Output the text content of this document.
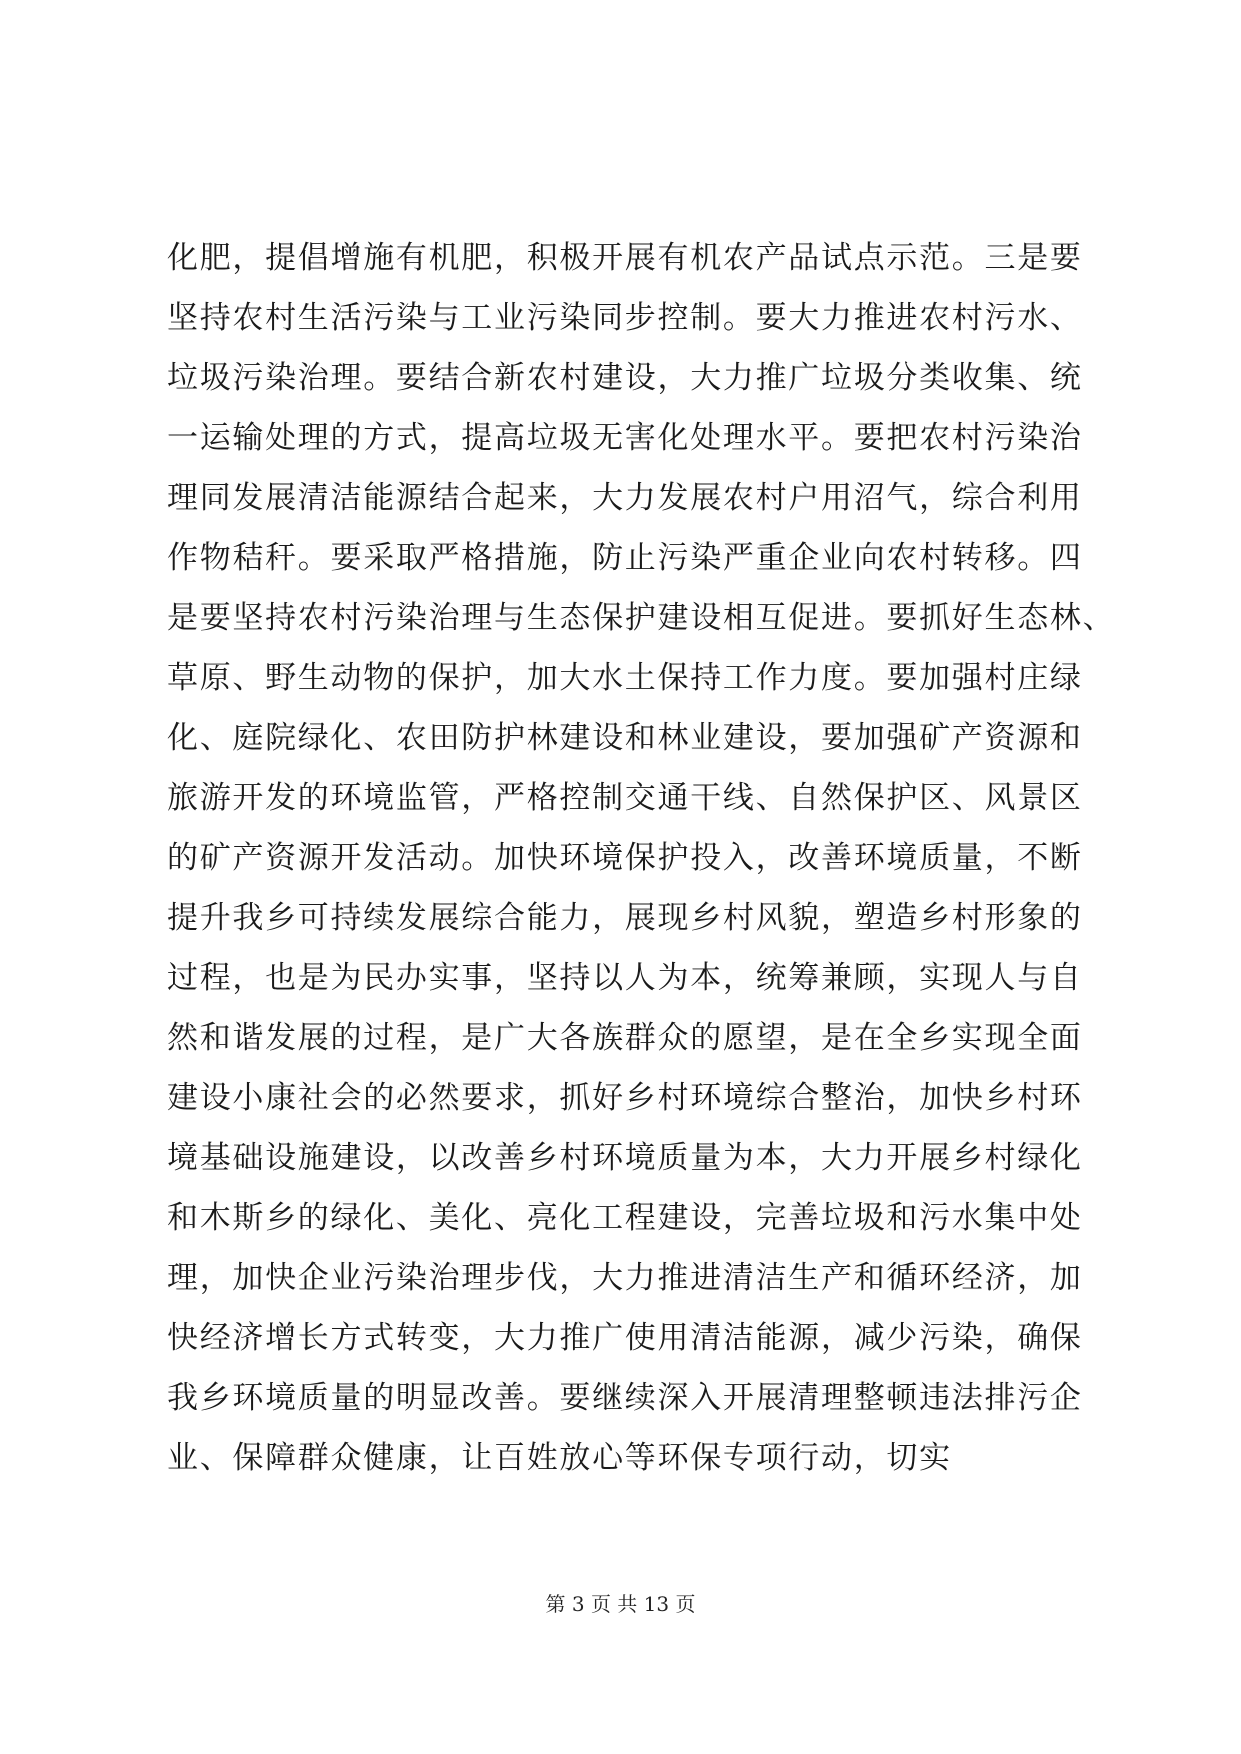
化肥，提倡增施有机肥，积极开展有机农产品试点示范。三是要
坚持农村生活污染与工业污染同步控制。要大力推进农村污水、
垃圾污染治理。要结合新农村建设，大力推广垃圾分类收集、统
一运输处理的方式，提高垃圾无害化处理水平。要把农村污染治
理同发展清洁能源结合起来，大力发展农村户用沼气，综合利用
作物秸秆。要采取严格措施，防止污染严重企业向农村转移。四
是要坚持农村污染治理与生态保护建设相互促进。要抓好生态林、
草原、野生动物的保护，加大水土保持工作力度。要加强村庄绿
化、庭院绿化、农田防护林建设和林业建设，要加强矿产资源和
旅游开发的环境监管，严格控制交通干线、自然保护区、风景区
的矿产资源开发活动。加快环境保护投入，改善环境质量，不断
提升我乡可持续发展综合能力，展现乡村风貌，塑造乡村形象的
过程，也是为民办实事，坚持以人为本，统筹兼顾，实现人与自
然和谐发展的过程，是广大各族群众的愿望，是在全乡实现全面
建设小康社会的必然要求，抓好乡村环境综合整治，加快乡村环
境基础设施建设，以改善乡村环境质量为本，大力开展乡村绿化
和木斯乡的绿化、美化、亮化工程建设，完善垃圾和污水集中处
理，加快企业污染治理步伐，大力推进清洁生产和循环经济，加
快经济增长方式转变，大力推广使用清洁能源，减少污染，确保
我乡环境质量的明显改善。要继续深入开展清理整顿违法排污企
业、保障群众健康，让百姓放心等环保专项行动，切实
第 3 页 共 13 页
